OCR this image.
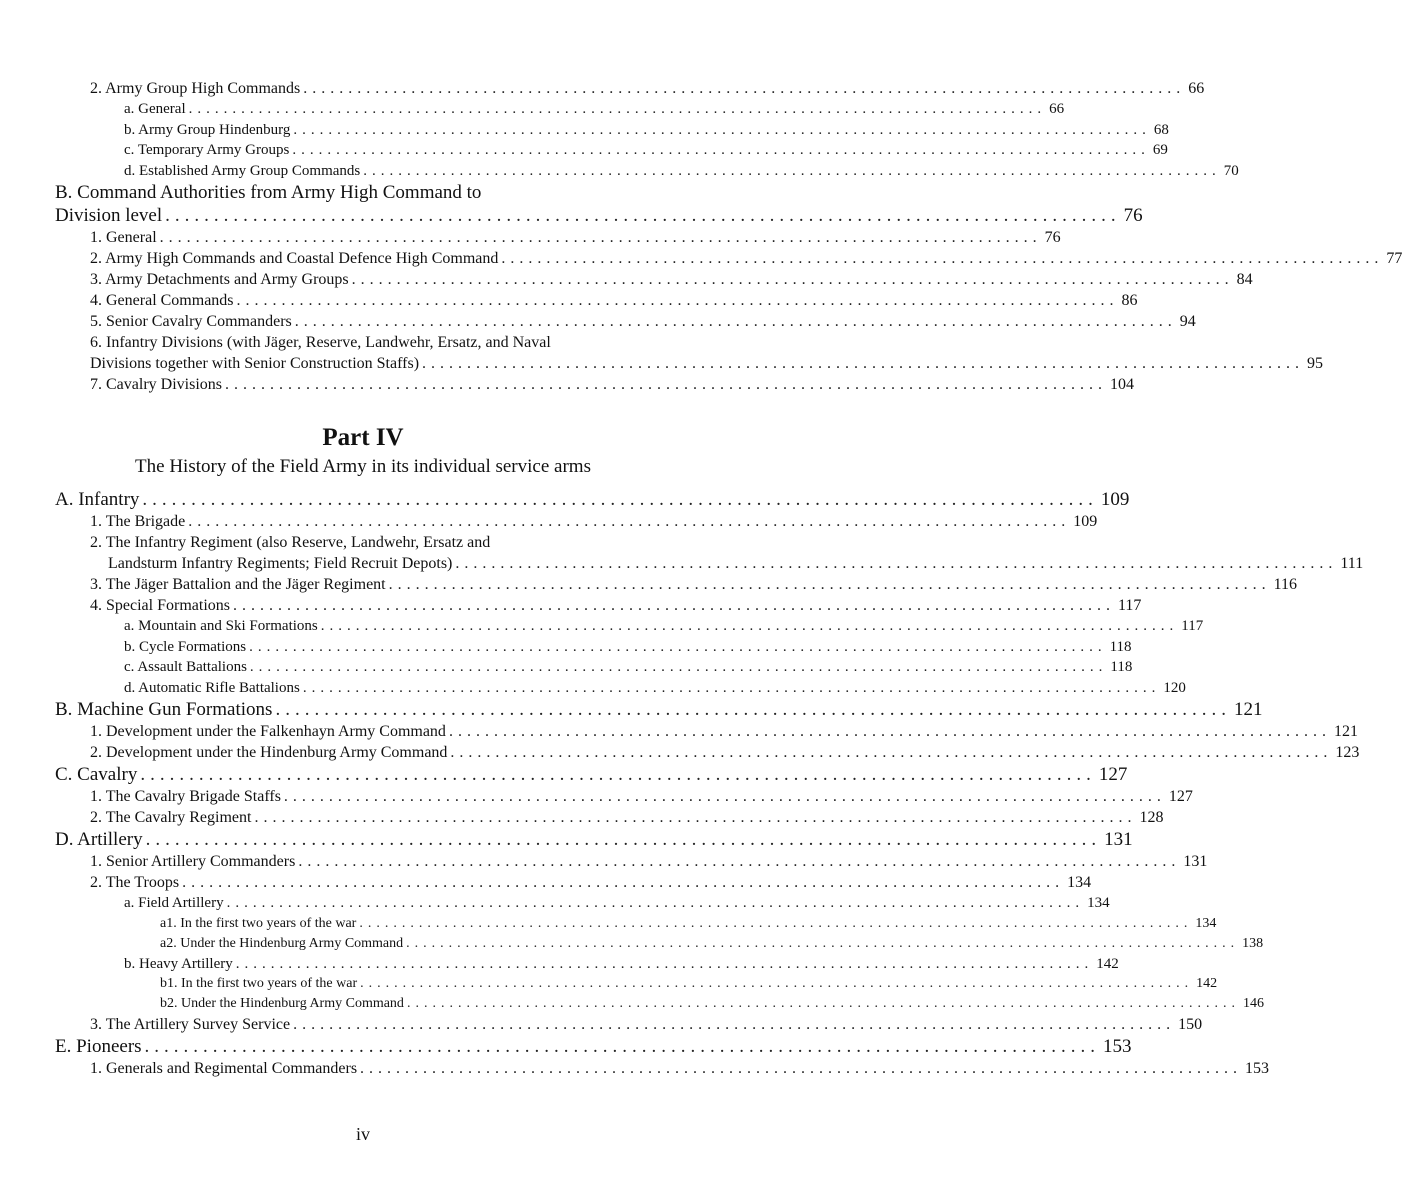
2. Army Group High Commands .................................................................................................. 66
a. General .................................................................................................. 66
b. Army Group Hindenburg .................................................................................................. 68
c. Temporary Army Groups .................................................................................................. 69
d. Established Army Group Commands .................................................................................................. 70
B. Command Authorities from Army High Command to
Division level .................................................................................................. 76
1. General .................................................................................................. 76
2. Army High Commands and Coastal Defence High Command .................................................................................................. 77
3. Army Detachments and Army Groups .................................................................................................. 84
4. General Commands .................................................................................................. 86
5. Senior Cavalry Commanders .................................................................................................. 94
6. Infantry Divisions (with Jäger, Reserve, Landwehr, Ersatz, and Naval
Divisions together with Senior Construction Staffs) .................................................................................................. 95
7. Cavalry Divisions .................................................................................................. 104
Part IV
The History of the Field Army in its individual service arms
A. Infantry .................................................................................................. 109
1. The Brigade .................................................................................................. 109
2. The Infantry Regiment (also Reserve, Landwehr, Ersatz and
Landsturm Infantry Regiments; Field Recruit Depots) .................................................................................................. 111
3. The Jäger Battalion and the Jäger Regiment .................................................................................................. 116
4. Special Formations .................................................................................................. 117
a. Mountain and Ski Formations .................................................................................................. 117
b. Cycle Formations .................................................................................................. 118
c. Assault Battalions .................................................................................................. 118
d. Automatic Rifle Battalions .................................................................................................. 120
B. Machine Gun Formations .................................................................................................. 121
1. Development under the Falkenhayn Army Command .................................................................................................. 121
2. Development under the Hindenburg Army Command .................................................................................................. 123
C. Cavalry .................................................................................................. 127
1. The Cavalry Brigade Staffs .................................................................................................. 127
2. The Cavalry Regiment .................................................................................................. 128
D. Artillery .................................................................................................. 131
1. Senior Artillery Commanders .................................................................................................. 131
2. The Troops .................................................................................................. 134
a. Field Artillery .................................................................................................. 134
a1. In the first two years of the war .................................................................................................. 134
a2. Under the Hindenburg Army Command .................................................................................................. 138
b. Heavy Artillery .................................................................................................. 142
b1. In the first two years of the war .................................................................................................. 142
b2. Under the Hindenburg Army Command .................................................................................................. 146
3. The Artillery Survey Service .................................................................................................. 150
E. Pioneers .................................................................................................. 153
1. Generals and Regimental Commanders .................................................................................................. 153
iv
